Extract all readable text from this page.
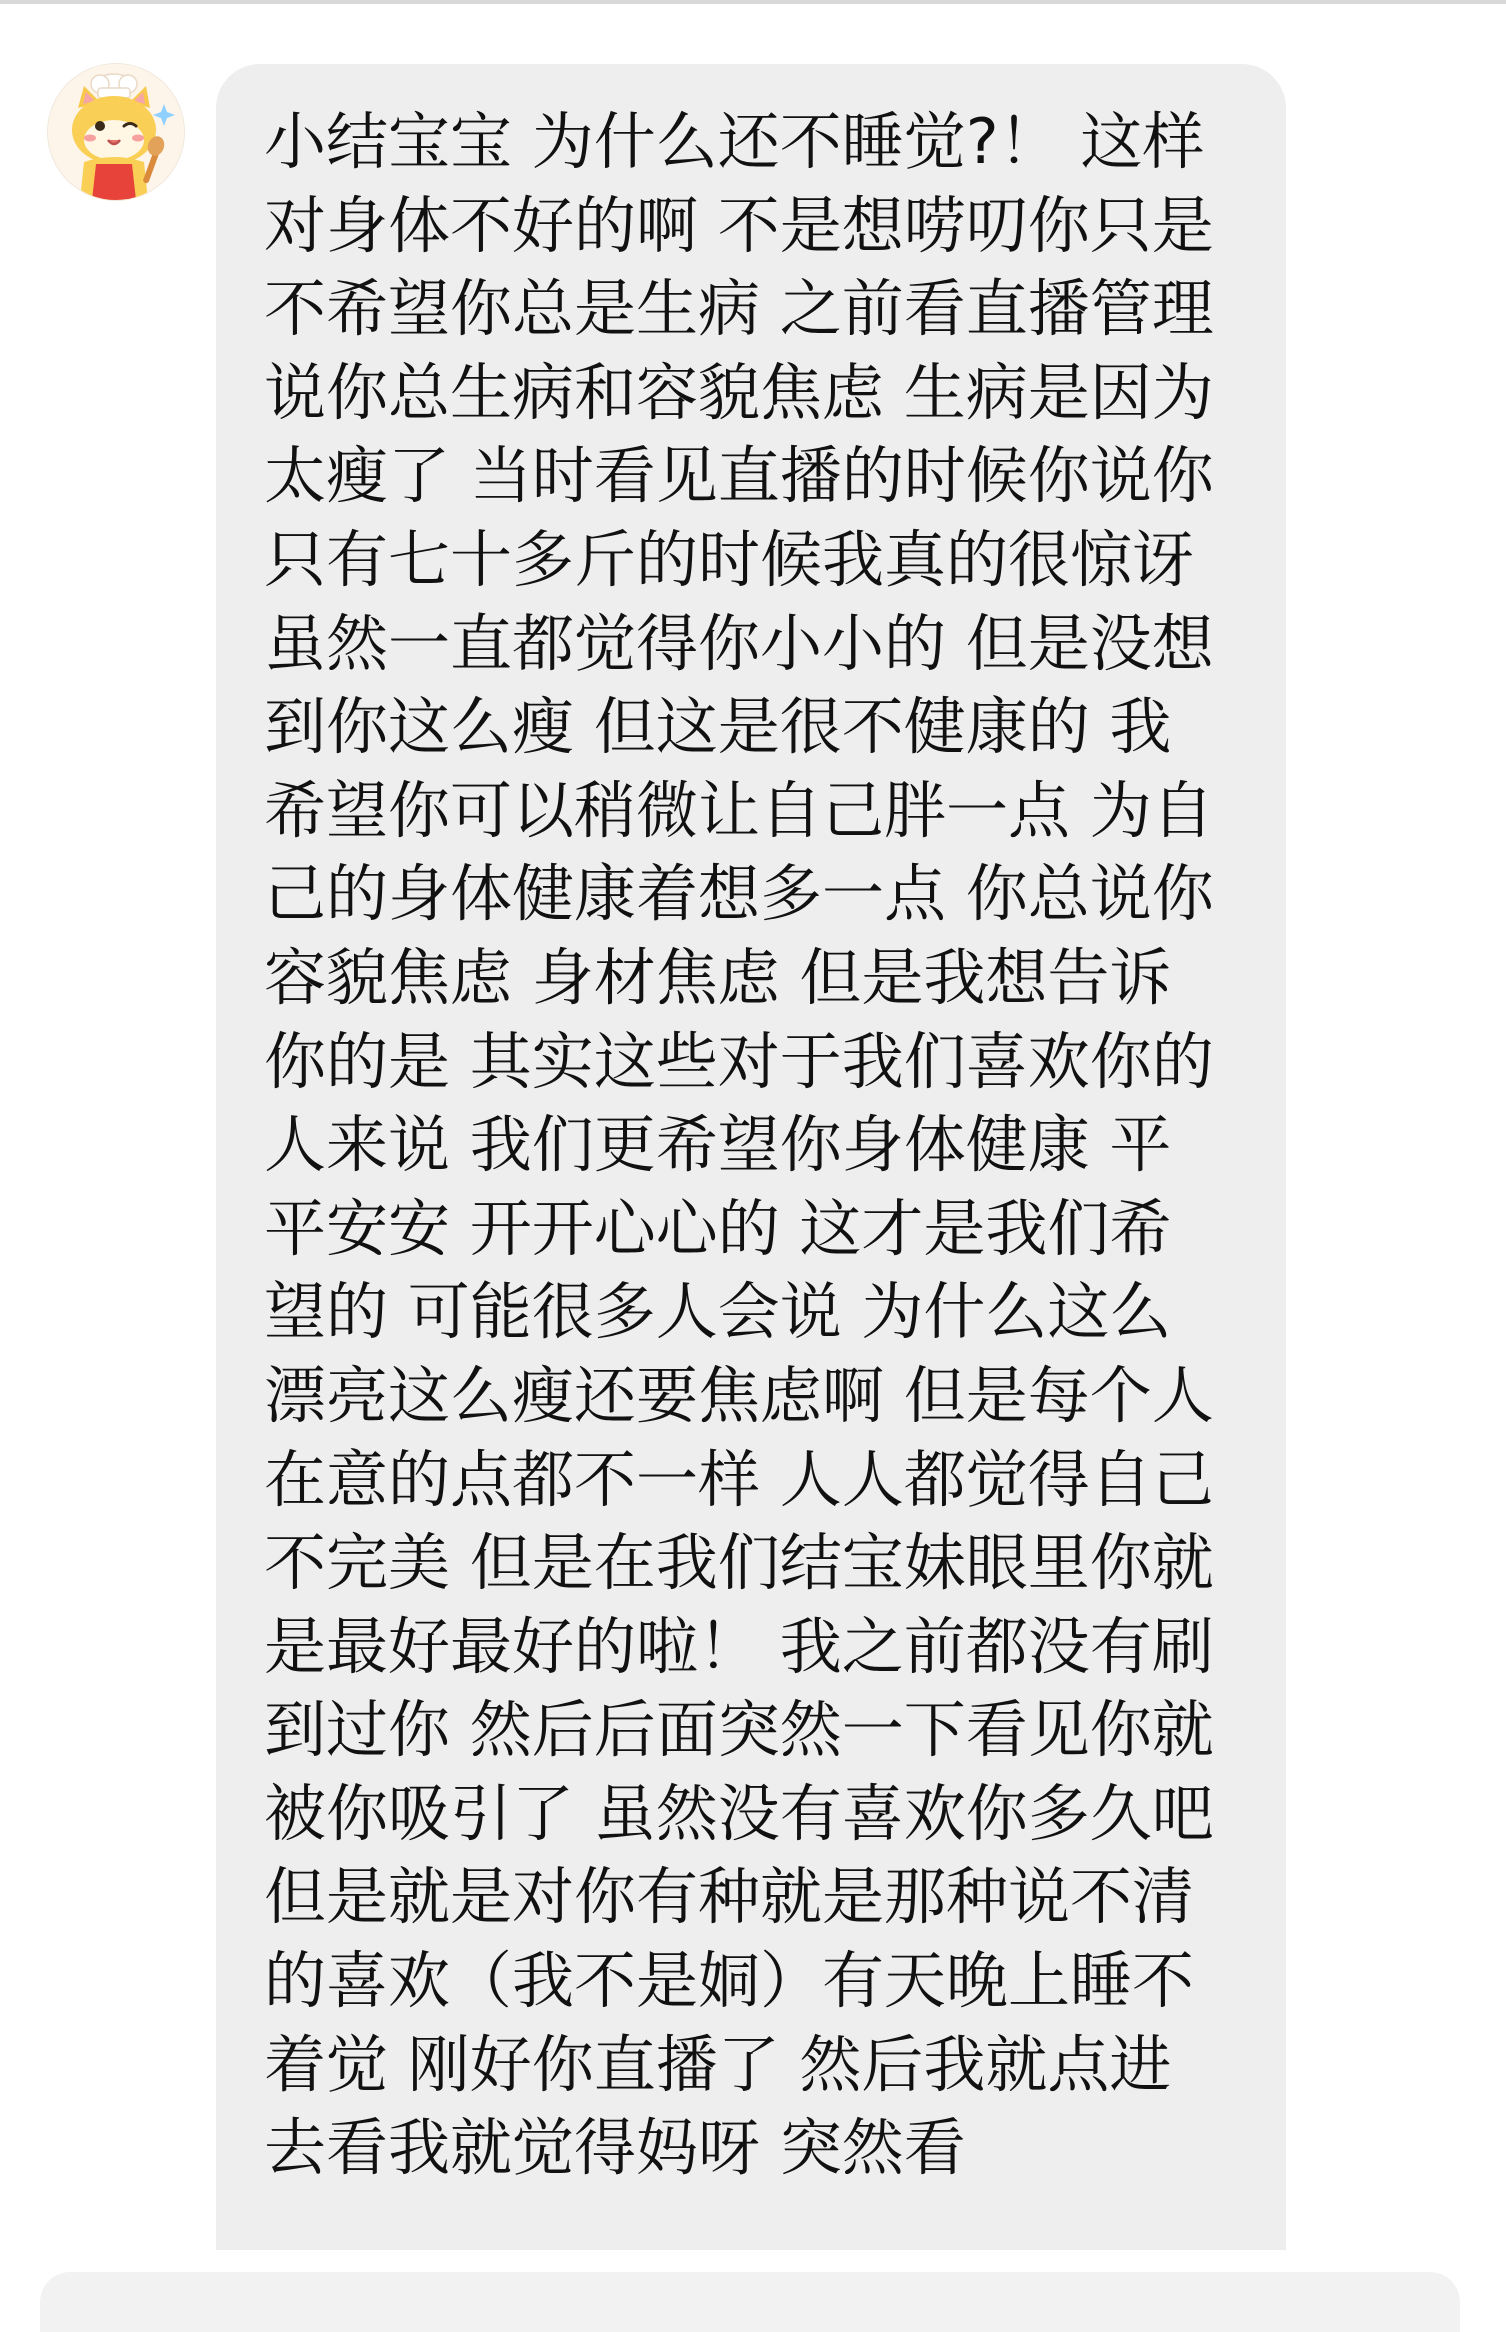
小结宝宝 为什么还不睡觉?！ 这样对身体不好的啊 不是想唠叨你只是不希望你总是生病 之前看直播管理说你总生病和容貌焦虑 生病是因为太瘦了 当时看见直播的时候你说你只有七十多斤的时候我真的很惊讶 虽然一直都觉得你小小的 但是没想到你这么瘦 但这是很不健康的 我希望你可以稍微让自己胖一点 为自己的身体健康着想多一点 你总说你容貌焦虑 身材焦虑 但是我想告诉你的是 其实这些对于我们喜欢你的人来说 我们更希望你身体健康 平平安安 开开心心的 这才是我们希望的 可能很多人会说 为什么这么漂亮这么瘦还要焦虑啊 但是每个人在意的点都不一样 人人都觉得自己不完美 但是在我们结宝妹眼里你就是最好最好的啦！ 我之前都没有刷到过你 然后后面突然一下看见你就被你吸引了 虽然没有喜欢你多久吧 但是就是对你有种就是那种说不清的喜欢（我不是姛）有天晚上睡不着觉 刚好你直播了 然后我就点进去看我就觉得妈呀 突然看
